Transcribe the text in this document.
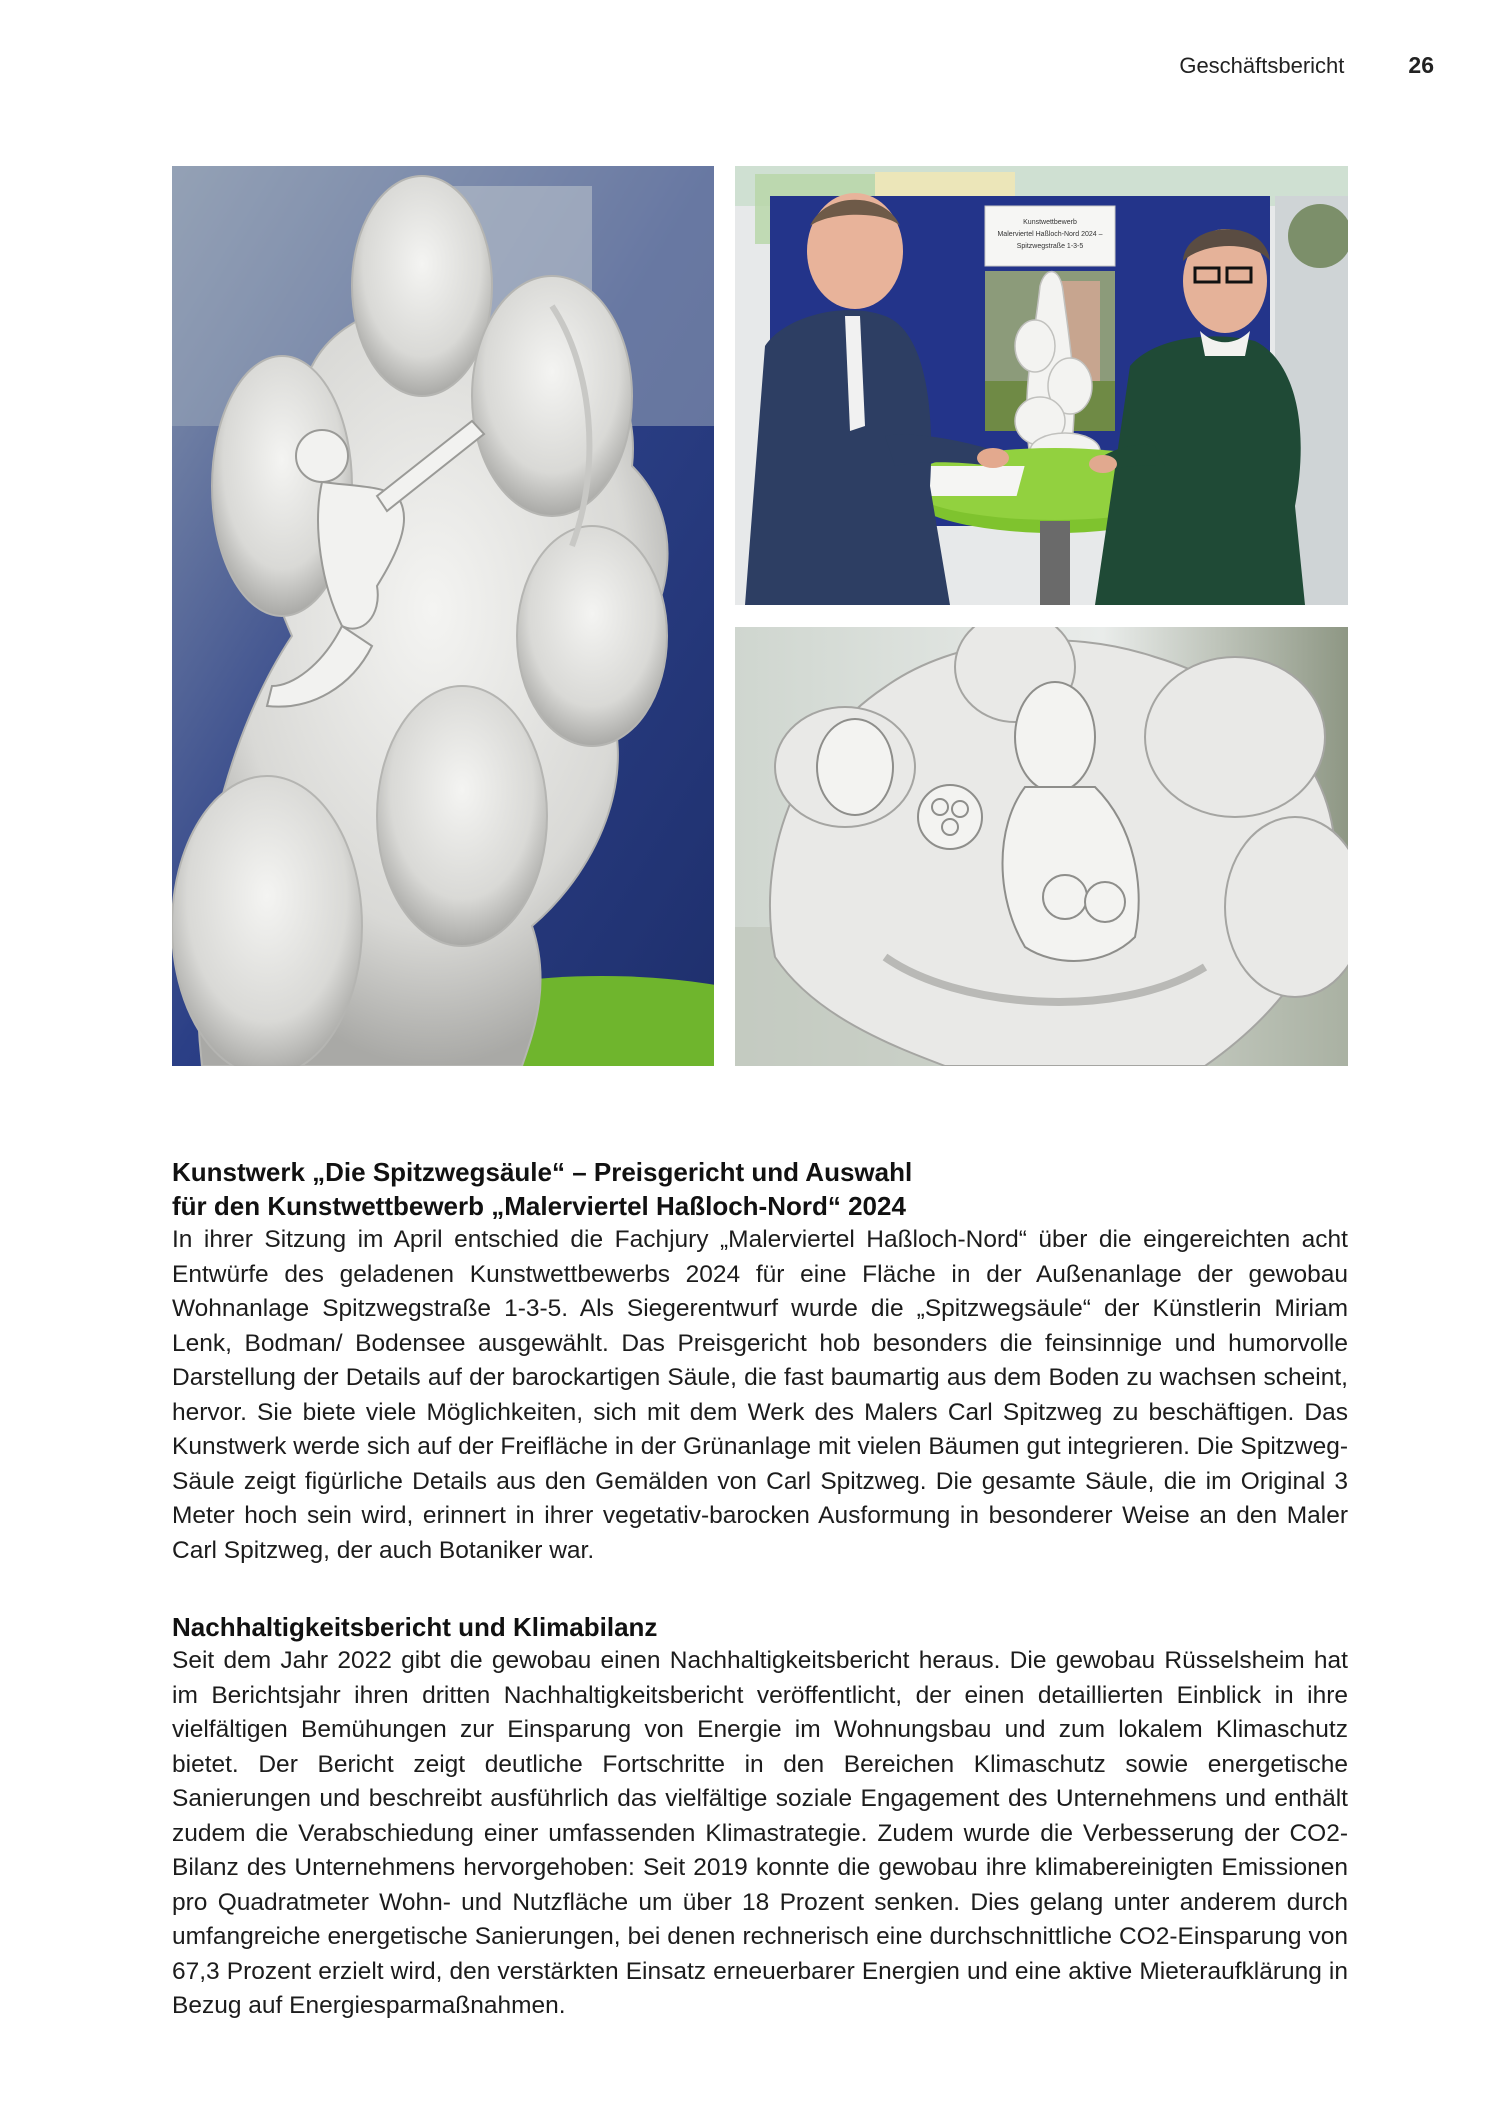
Geschäftsbericht	26
Kunstwettbewerb
Malerviertel Haßloch-Nord 2024 –
Spitzwegstraße 1-3-5
Kunstwerk „Die Spitzwegsäule“ – Preisgericht und Auswahl
für den Kunstwettbewerb „Malerviertel Haßloch-Nord“ 2024

In ihrer Sitzung im April entschied die Fachjury „Malerviertel Haßloch-Nord“ über die eingereichten acht Entwürfe des geladenen Kunstwettbewerbs 2024 für eine Fläche in der Außenanlage der gewobau Wohnanlage Spitzwegstraße 1-3-5. Als Siegerentwurf wurde die „Spitzwegsäule“ der Künstlerin Miriam Lenk, Bodman/ Bodensee ausgewählt. Das Preisgericht hob besonders die feinsinnige und humorvolle Darstellung der Details auf der barockartigen Säule, die fast baumartig aus dem Boden zu wachsen scheint, hervor. Sie biete viele Möglichkeiten, sich mit dem Werk des Malers Carl Spitzweg zu beschäftigen. Das Kunstwerk werde sich auf der Freifläche in der Grünanlage mit vielen Bäumen gut integrieren. Die Spitzweg-Säule zeigt figürliche Details aus den Gemälden von Carl Spitzweg. Die gesamte Säule, die im Original 3 Meter hoch sein wird, erinnert in ihrer vegetativ-barocken Ausformung in besonderer Weise an den Maler Carl Spitzweg, der auch Botaniker war.

Nachhaltigkeitsbericht und Klimabilanz

Seit dem Jahr 2022 gibt die gewobau einen Nachhaltigkeitsbericht heraus. Die gewobau Rüsselsheim hat im Berichtsjahr ihren dritten Nachhaltigkeitsbericht veröffentlicht, der einen detaillierten Einblick in ihre vielfältigen Bemühungen zur Einsparung von Energie im Wohnungsbau und zum lokalem Klimaschutz bietet. Der Bericht zeigt deutliche Fortschritte in den Bereichen Klimaschutz sowie energetische Sanierungen und beschreibt ausführlich das vielfältige soziale Engagement des Unternehmens und enthält zudem die Verabschiedung einer umfassenden Klimastrategie. Zudem wurde die Verbesserung der CO2-Bilanz des Unternehmens hervorgehoben: Seit 2019 konnte die gewobau ihre klimabereinigten Emissionen pro Quadratmeter Wohn- und Nutzfläche um über 18 Prozent senken. Dies gelang unter anderem durch umfangreiche energetische Sanierungen, bei denen rechnerisch eine durchschnittliche CO2-Einsparung von 67,3 Prozent erzielt wird, den verstärkten Einsatz erneuerbarer Energien und eine aktive Mieteraufklärung in Bezug auf Energiesparmaßnahmen.
